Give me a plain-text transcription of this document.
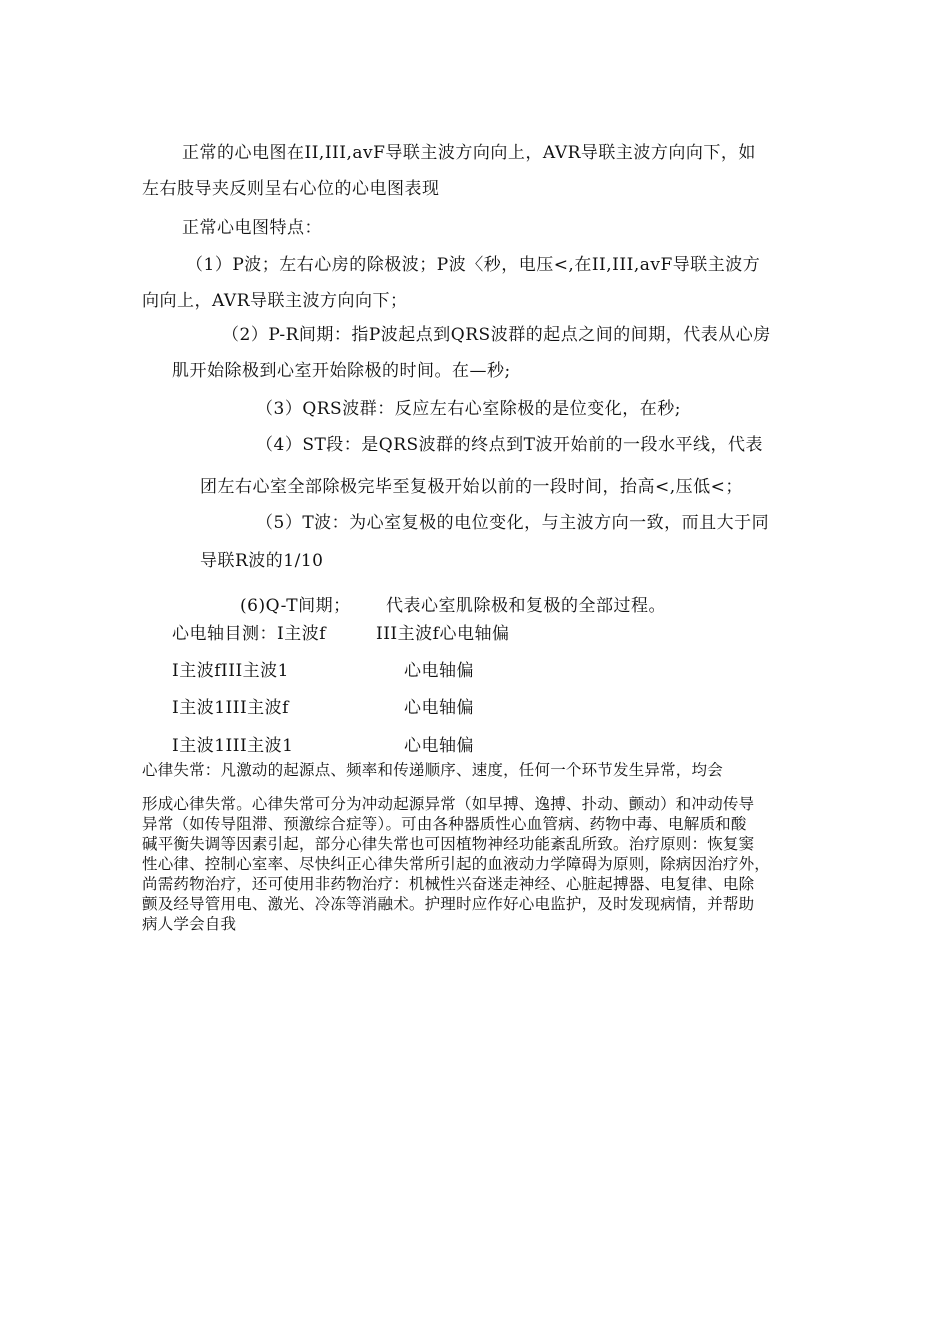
正常的心电图在II,III,avF导联主波方向向上，AVR导联主波方向向下，如
左右肢导夹反则呈右心位的心电图表现
正常心电图特点：
（1）P波；左右心房的除极波；P波〈秒，电压<,在II,III,avF导联主波方
向向上，AVR导联主波方向向下；
（2）P-R间期：指P波起点到QRS波群的起点之间的间期，代表从心房
肌开始除极到心室开始除极的时间。在—秒;
（3）QRS波群：反应左右心室除极的是位变化，在秒;
（4）ST段：是QRS波群的终点到T波开始前的一段水平线，代表
团左右心室全部除极完毕至复极开始以前的一段时间，抬高<,压低<；
（5）T波：为心室复极的电位变化，与主波方向一致，而且大于同
导联R波的1/10
(6)Q-T间期； 代表心室肌除极和复极的全部过程。
心电轴目测：I主波f	III主波f心电轴偏
I主波fIII主波1	心电轴偏
I主波1III主波f	心电轴偏
I主波1III主波1	心电轴偏
心律失常：凡激动的起源点、频率和传递顺序、速度，任何一个环节发生异常，均会
形成心律失常。心律失常可分为冲动起源异常（如早搏、逸搏、扑动、颤动）和冲动传导
异常（如传导阻滞、预激综合症等）。可由各种器质性心血管病、药物中毒、电解质和酸
碱平衡失调等因素引起，部分心律失常也可因植物神经功能紊乱所致。治疗原则：恢复窦
性心律、控制心室率、尽快纠正心律失常所引起的血液动力学障碍为原则，除病因治疗外，
尚需药物治疗，还可使用非药物治疗：机械性兴奋迷走神经、心脏起搏器、电复律、电除
颤及经导管用电、激光、冷冻等消融术。护理时应作好心电监护，及时发现病情，并帮助
病人学会自我
